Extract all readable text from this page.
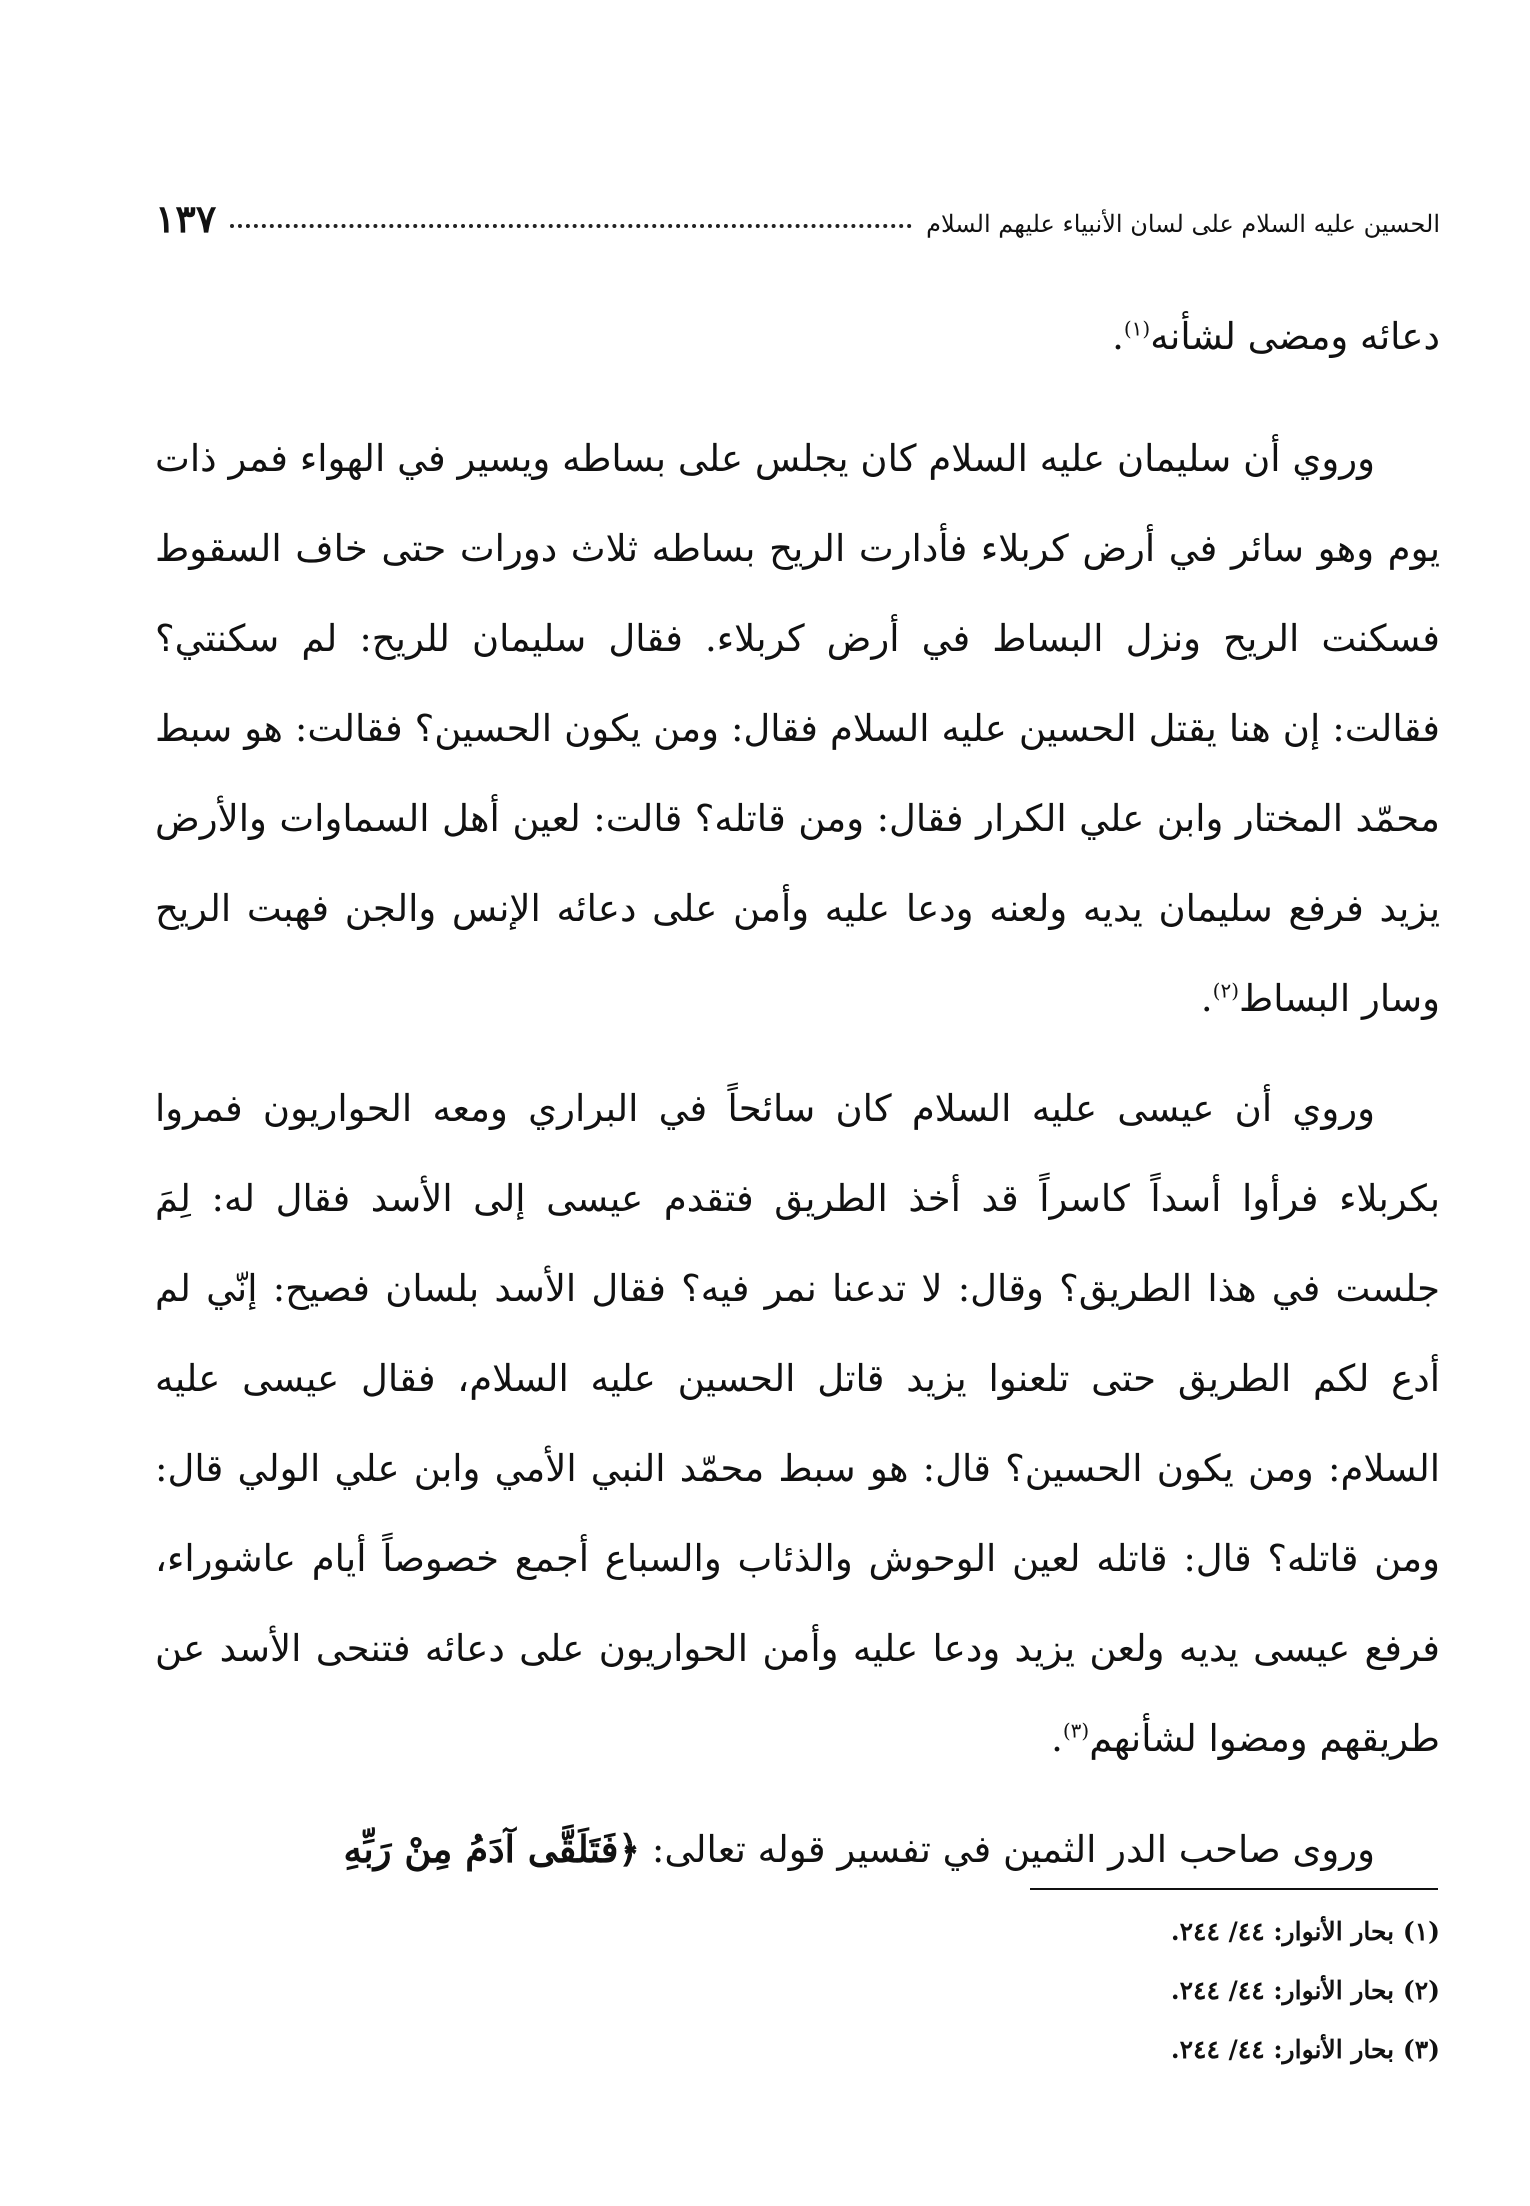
الحسين عليه السلام على لسان الأنبياء عليهم السلام
١٣٧

دعائه ومضى لشأنه$^{(١)}$.

وروي أن سليمان عليه السلام كان يجلس على بساطه ويسير في الهواء فمر ذات يوم وهو سائر في أرض كربلاء فأدارت الريح بساطه ثلاث دورات حتى خاف السقوط فسكنت الريح ونزل البساط في أرض كربلاء. فقال سليمان للريح: لم سكنتي؟ فقالت: إن هنا يقتل الحسين عليه السلام فقال: ومن يكون الحسين؟ فقالت: هو سبط محمّد المختار وابن علي الكرار فقال: ومن قاتله؟ قالت: لعين أهل السماوات والأرض يزيد فرفع سليمان يديه ولعنه ودعا عليه وأمن على دعائه الإنس والجن فهبت الريح وسار البساط$^{(٢)}$.

وروي أن عيسى عليه السلام كان سائحاً في البراري ومعه الحواريون فمروا بكربلاء فرأوا أسداً كاسراً قد أخذ الطريق فتقدم عيسى إلى الأسد فقال له: لِمَ جلست في هذا الطريق؟ وقال: لا تدعنا نمر فيه؟ فقال الأسد بلسان فصيح: إنّي لم أدع لكم الطريق حتى تلعنوا يزيد قاتل الحسين عليه السلام، فقال عيسى عليه السلام: ومن يكون الحسين؟ قال: هو سبط محمّد النبي الأمي وابن علي الولي قال: ومن قاتله؟ قال: قاتله لعين الوحوش والذئاب والسباع أجمع خصوصاً أيام عاشوراء، فرفع عيسى يديه ولعن يزيد ودعا عليه وأمن الحواريون على دعائه فتنحى الأسد عن طريقهم ومضوا لشأنهم$^{(٣)}$.

وروى صاحب الدر الثمين في تفسير قوله تعالى: ﴿فَتَلَقَّى آدَمُ مِنْ رَبِّهِ

(١) بحار الأنوار: ٤٤/ ٢٤٤.

(٢) بحار الأنوار: ٤٤/ ٢٤٤.

(٣) بحار الأنوار: ٤٤/ ٢٤٤.
